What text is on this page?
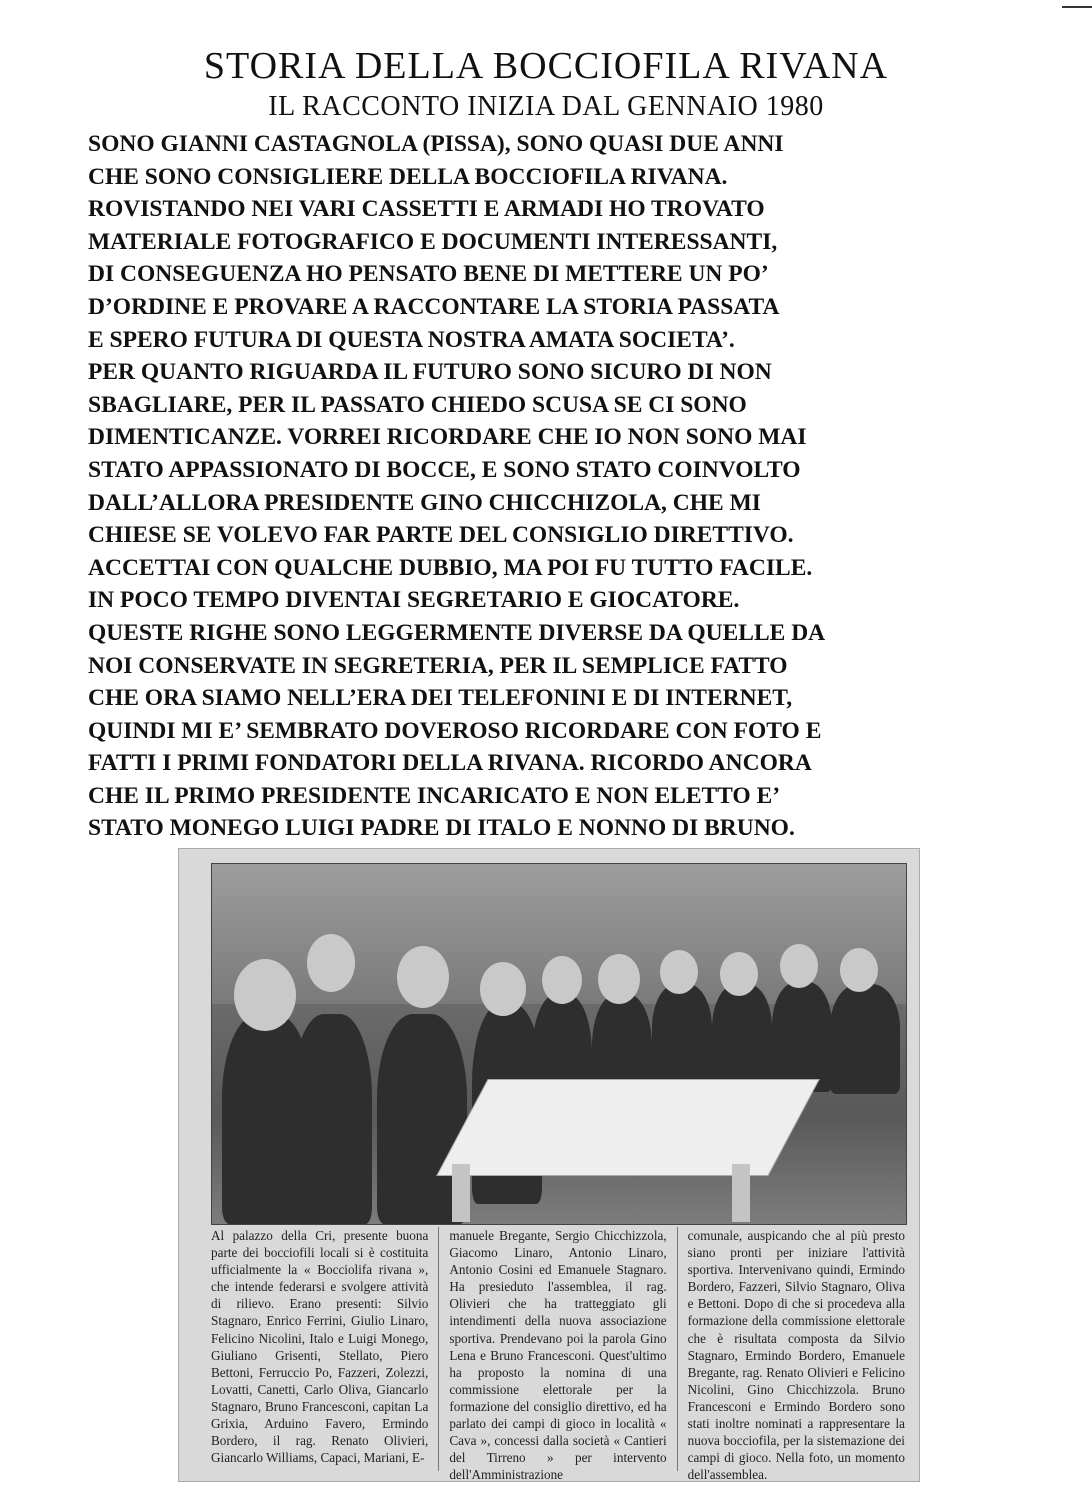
STORIA DELLA BOCCIOFILA RIVANA
IL RACCONTO INIZIA DAL GENNAIO 1980
SONO GIANNI CASTAGNOLA (PISSA), SONO QUASI DUE ANNI
CHE SONO CONSIGLIERE DELLA BOCCIOFILA RIVANA.
ROVISTANDO NEI VARI CASSETTI E ARMADI HO TROVATO
MATERIALE FOTOGRAFICO E DOCUMENTI INTERESSANTI,
DI CONSEGUENZA HO PENSATO BENE DI METTERE UN PO’
D’ORDINE E PROVARE A RACCONTARE LA STORIA PASSATA
E SPERO FUTURA DI QUESTA NOSTRA AMATA SOCIETA’.
PER QUANTO RIGUARDA IL FUTURO SONO SICURO DI NON
SBAGLIARE, PER IL PASSATO CHIEDO SCUSA SE CI SONO
DIMENTICANZE. VORREI RICORDARE CHE IO NON SONO MAI
STATO APPASSIONATO DI BOCCE, E SONO STATO COINVOLTO
DALL’ALLORA PRESIDENTE GINO CHICCHIZOLA, CHE MI
CHIESE SE VOLEVO FAR PARTE DEL CONSIGLIO DIRETTIVO.
ACCETTAI CON QUALCHE DUBBIO, MA POI FU TUTTO FACILE.
IN POCO TEMPO DIVENTAI SEGRETARIO E GIOCATORE.
QUESTE RIGHE SONO LEGGERMENTE DIVERSE DA QUELLE DA
NOI CONSERVATE IN SEGRETERIA, PER IL SEMPLICE FATTO
CHE ORA SIAMO NELL’ERA DEI TELEFONINI E DI INTERNET,
QUINDI MI E’ SEMBRATO DOVEROSO RICORDARE CON FOTO E
FATTI I PRIMI FONDATORI DELLA RIVANA. RICORDO ANCORA
CHE IL PRIMO PRESIDENTE INCARICATO E NON ELETTO E’
STATO MONEGO LUIGI PADRE DI ITALO E NONNO DI BRUNO.
Al palazzo della Cri, presente buona parte dei bocciofili locali si è costituita ufficialmente la « Bocciolifa rivana », che intende federarsi e svolgere attività di rilievo. Erano presenti: Silvio Stagnaro, Enrico Ferrini, Giulio Linaro, Felicino Nicolini, Italo e Luigi Monego, Giuliano Grisenti, Stellato, Piero Bettoni, Ferruccio Po, Fazzeri, Zolezzi, Lovatti, Canetti, Carlo Oliva, Giancarlo Stagnaro, Bruno Francesconi, capitan La Grixia, Arduino Favero, Ermindo Bordero, il rag. Renato Olivieri, Giancarlo Williams, Capaci, Mariani, E-
manuele Bregante, Sergio Chicchizzola, Giacomo Linaro, Antonio Linaro, Antonio Cosini ed Emanuele Stagnaro. Ha presieduto l'assemblea, il rag. Olivieri che ha tratteggiato gli intendimenti della nuova associazione sportiva. Prendevano poi la parola Gino Lena e Bruno Francesconi. Quest'ultimo ha proposto la nomina di una commissione elettorale per la formazione del consiglio direttivo, ed ha parlato dei campi di gioco in località « Cava », concessi dalla società « Cantieri del Tirreno » per intervento dell'Amministrazione
comunale, auspicando che al più presto siano pronti per iniziare l'attività sportiva. Intervenivano quindi, Ermindo Bordero, Fazzeri, Silvio Stagnaro, Oliva e Bettoni. Dopo di che si procedeva alla formazione della commissione elettorale che è risultata composta da Silvio Stagnaro, Ermindo Bordero, Emanuele Bregante, rag. Renato Olivieri e Felicino Nicolini, Gino Chicchizzola. Bruno Francesconi e Ermindo Bordero sono stati inoltre nominati a rappresentare la nuova bocciofila, per la sistemazione dei campi di gioco. Nella foto, un momento dell'assemblea.
